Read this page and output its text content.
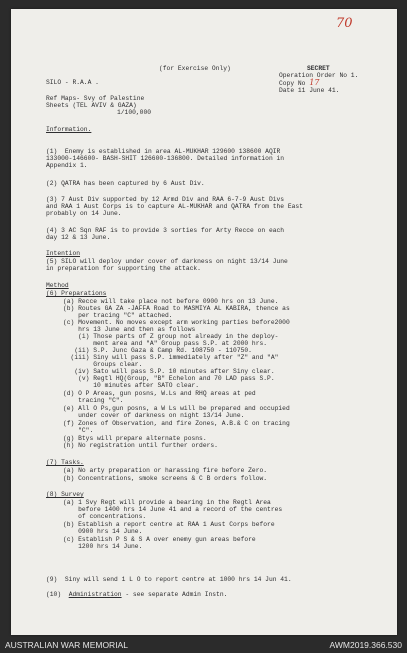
(for Exercise Only)
70
SECRET
Operation Order No 1.
Copy No 17
Date 11 June 41.
SILO - R.A.A .
Ref Maps- Svy of Palestine
Sheets (TEL AVIV & GAZA)
1/100,000
Information.
(1)  Enemy is established in area AL-MUKHAR 129600 138600 AQIR
133000-146600- BASH-SHIT 126600-136800. Detailed information in
Appendix 1.
(2) QATRA has been captured by 6 Aust Div.
(3) 7 Aust Div supported by 12 Armd Div and RAA 6-7-9 Aust Divs
and RAA 1 Aust Corps is to capture AL-MUKHAR and QATRA from the East
probably on 14 June.
(4) 3 AC Sqn RAF is to provide 3 sorties for Arty Recce on each
day 12 & 13 June.
Intention
(5) SILO will deploy under cover of darkness on night 13/14 June
in preparation for supporting the attack.
Method
(6) Preparations
(a) Recce will take place not before 0900 hrs on 13 June.
(b) Routes GA ZA -JAFFA Road to MASMIYA AL KABIRA, thence as
per tracing "C" attached.
(c) Movement. No moves except arm working parties before2000
hrs 13 June and then as follows
(i) Those parts of Z group not already in the deploy-
ment area and "A" Group pass S.P. at 2000 hrs.
(ii) S.P. Junc Gaza & Camp Rd. 108750 - 110750.
(iii) Siny will pass S.P. immediately after "Z" and "A"
Groups clear.
(iv) Sato will pass S.P. 10 minutes after Siny clear.
(v) Regtl HQ(Group, "B" Echelon and 70 LAD pass S.P.
10 minutes after SATO clear.
(d) O P Areas, gun posns, W.Ls and RHQ areas at ped
tracing "C".
(e) All O Ps,gun posns, a W Ls will be prepared and occupied
under cover of darkness on night 13/14 June.
(f) Zones of Observation, and fire Zones, A.B.& C on tracing
"C".
(g) Btys will prepare alternate posns.
(h) No registration until further orders.
(7) Tasks.
(a) No arty preparation or harassing fire before Zero.
(b) Concentrations, smoke screens & C B orders follow.
(8) Survey
(a) 1 Svy Regt will provide a bearing in the Regtl Area
before 1400 hrs 14 June 41 and a record of the centres
of concentrations.
(b) Establish a report centre at RAA 1 Aust Corps before
0900 hrs 14 June.
(c) Establish P S & S A over enemy gun areas before
1200 hrs 14 June.
(9)  Siny will send 1 L O to report centre at 1000 hrs 14 Jun 41.
(10) Administration - see separate Admin Instn.
AUSTRALIAN WAR MEMORIAL	AWM2019.366.530
